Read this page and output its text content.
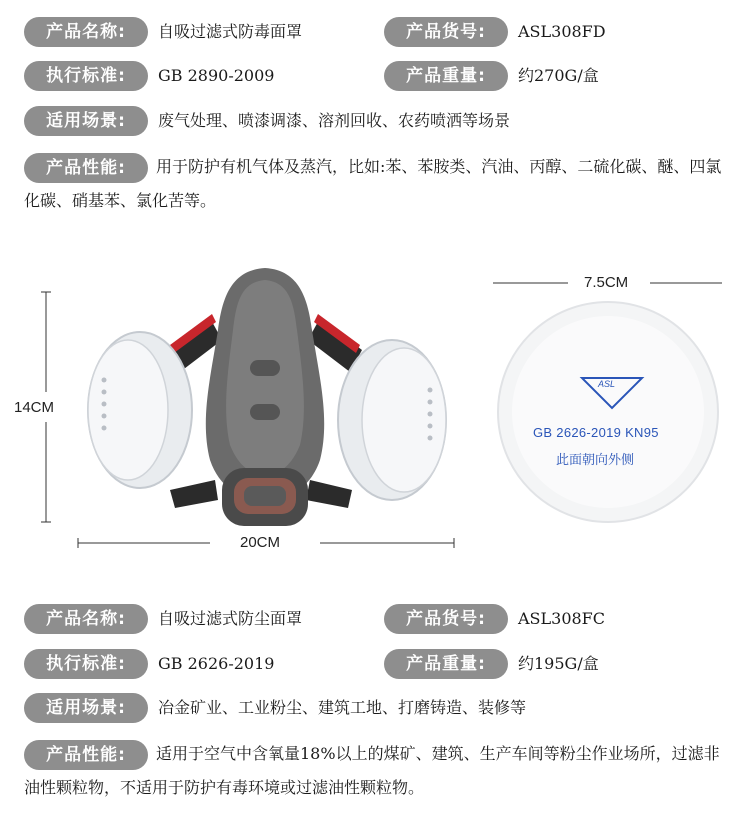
产品名称:	自吸过滤式防毒面罩	产品货号:	ASL308FD
执行标准:	GB 2890-2009	产品重量:	约270G/盒
适用场景:	废气处理、喷漆调漆、溶剂回收、农药喷洒等场景
产品性能: 用于防护有机气体及蒸汽，比如:苯、苯胺类、汽油、丙醇、二硫化碳、醚、四氯化碳、硝基苯、氯化苦等。
14CM
20CM
7.5CM
ASL
GB 2626-2019 KN95
此面朝向外侧
产品名称:	自吸过滤式防尘面罩	产品货号:	ASL308FC
执行标准:	GB 2626-2019	产品重量:	约195G/盒
适用场景:	冶金矿业、工业粉尘、建筑工地、打磨铸造、装修等
产品性能: 适用于空气中含氧量18%以上的煤矿、建筑、生产车间等粉尘作业场所，过滤非油性颗粒物，不适用于防护有毒环境或过滤油性颗粒物。
